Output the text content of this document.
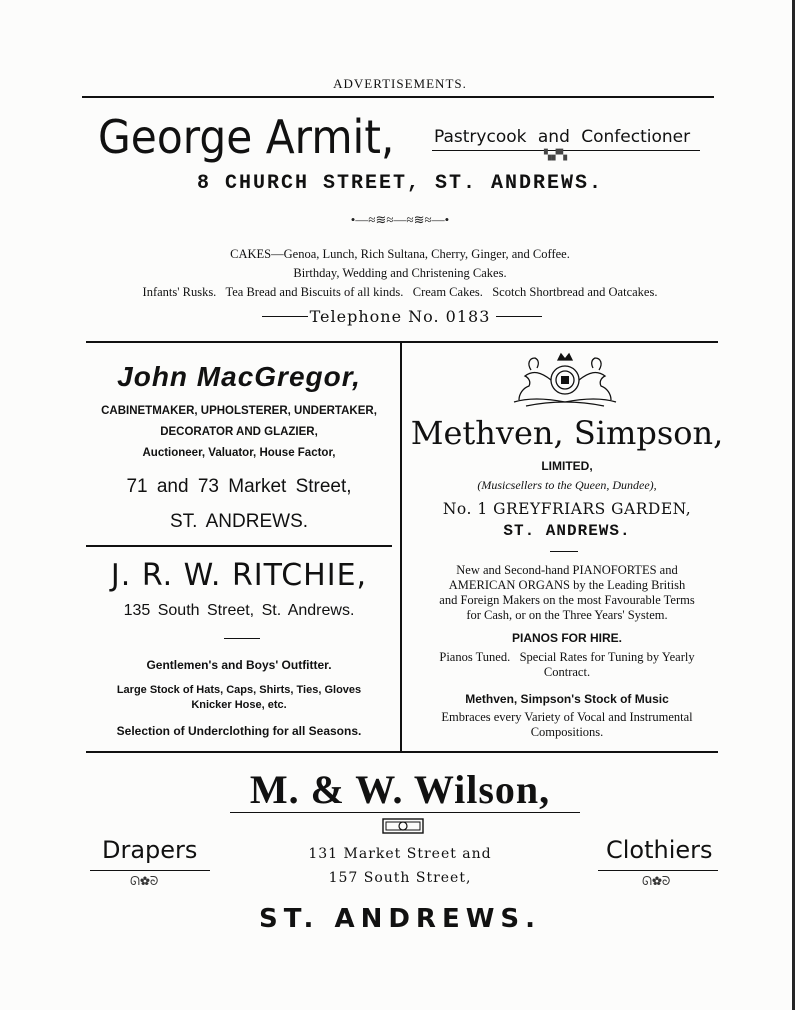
ADVERTISEMENTS.
George Armit, Pastrycook and Confectioner
▚▞▚
8 CHURCH STREET, ST. ANDREWS.
•—≈≋≈—≈≋≈—•
CAKES—Genoa, Lunch, Rich Sultana, Cherry, Ginger, and Coffee.
Birthday, Wedding and Christening Cakes.
Infants' Rusks.   Tea Bread and Biscuits of all kinds.   Cream Cakes.   Scotch Shortbread and Oatcakes.
Telephone No. 0183
John MacGregor,
CABINETMAKER, UPHOLSTERER, UNDERTAKER,
DECORATOR AND GLAZIER,
Auctioneer, Valuator, House Factor,
71 and 73 Market Street,
ST. ANDREWS.
J. R. W. RITCHIE,
135 South Street, St. Andrews.
Gentlemen's and Boys' Outfitter.
Large Stock of Hats, Caps, Shirts, Ties, Gloves
Knicker Hose, etc.
Selection of Underclothing for all Seasons.
Methven, Simpson,
LIMITED,
(Musicsellers to the Queen, Dundee),
No. 1 GREYFRIARS GARDEN,
ST. ANDREWS.
New and Second-hand PIANOFORTES and
AMERICAN ORGANS by the Leading British
and Foreign Makers on the most Favourable Terms
for Cash, or on the Three Years' System.
PIANOS FOR HIRE.
Pianos Tuned.   Special Rates for Tuning by Yearly
Contract.
Methven, Simpson's Stock of Music
Embraces every Variety of Vocal and Instrumental
Compositions.
M. & W. Wilson,
Drapers
ᘏ✿ᘐ
Clothiers
ᘏ✿ᘐ
131 Market Street and
157 South Street,
ST. ANDREWS.
